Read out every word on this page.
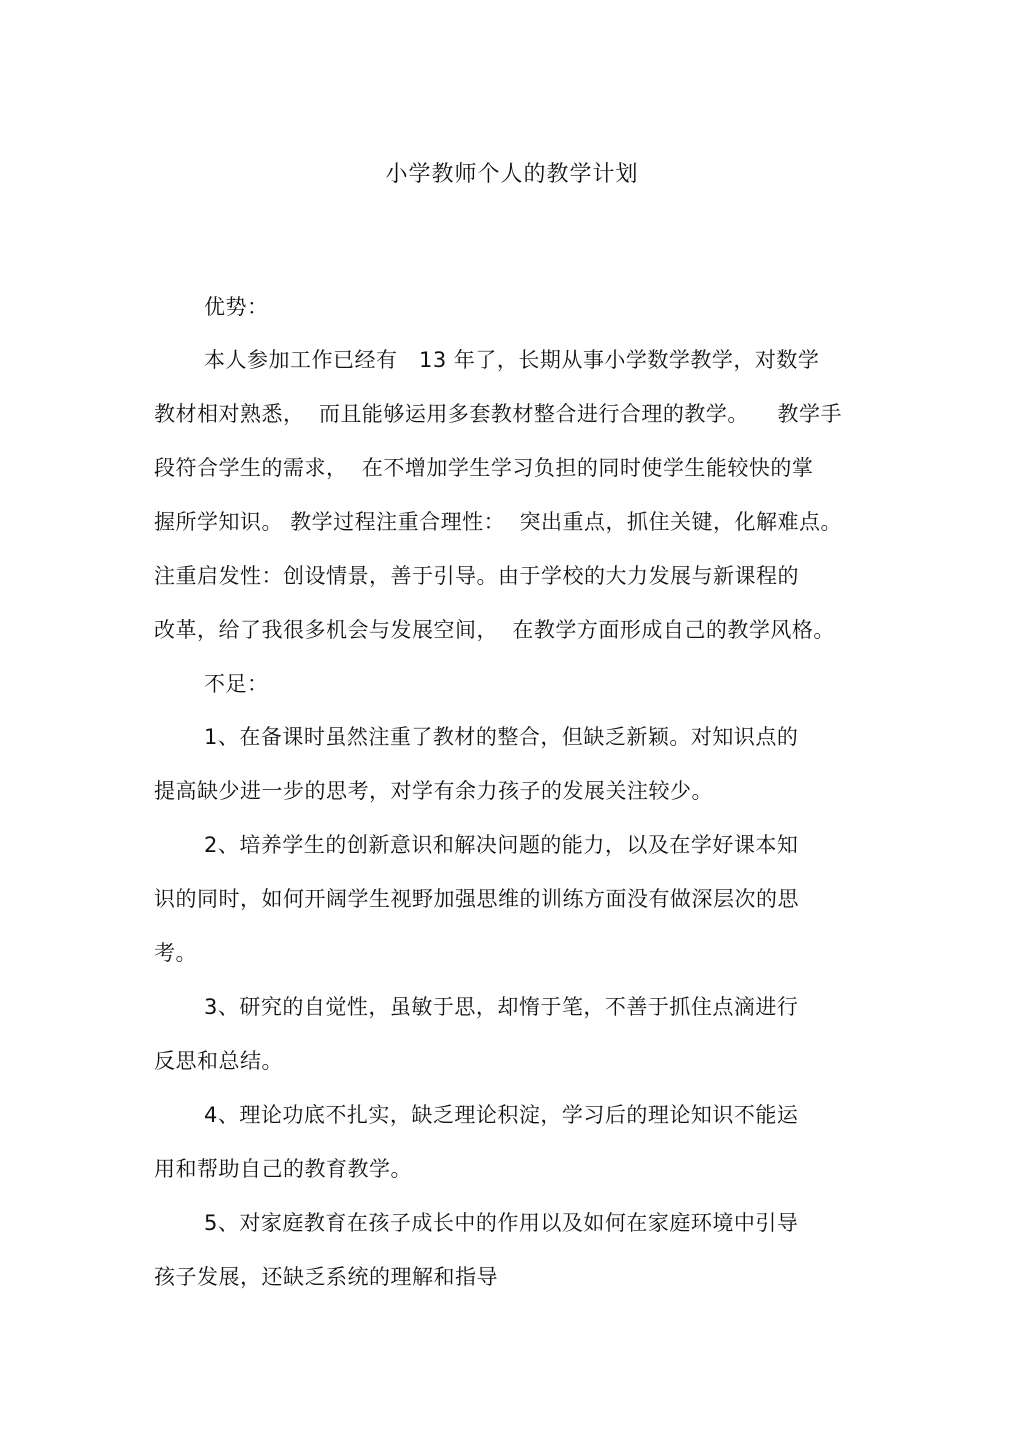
小学教师个人的教学计划
优势：
本人参加工作已经有　13 年了，长期从事小学数学教学，对数学
教材相对熟悉，  而且能够运用多套教材整合进行合理的教学。    教学手
段符合学生的需求，  在不增加学生学习负担的同时使学生能较快的掌
握所学知识。 教学过程注重合理性：  突出重点，抓住关键，化解难点。
注重启发性：创设情景，善于引导。由于学校的大力发展与新课程的
改革，给了我很多机会与发展空间，  在教学方面形成自己的教学风格。
不足：
1、在备课时虽然注重了教材的整合，但缺乏新颖。对知识点的
提高缺少进一步的思考，对学有余力孩子的发展关注较少。
2、培养学生的创新意识和解决问题的能力，以及在学好课本知
识的同时，如何开阔学生视野加强思维的训练方面没有做深层次的思
考。
3、研究的自觉性，虽敏于思，却惰于笔，不善于抓住点滴进行
反思和总结。
4、理论功底不扎实，缺乏理论积淀，学习后的理论知识不能运
用和帮助自己的教育教学。
5、对家庭教育在孩子成长中的作用以及如何在家庭环境中引导
孩子发展，还缺乏系统的理解和指导
